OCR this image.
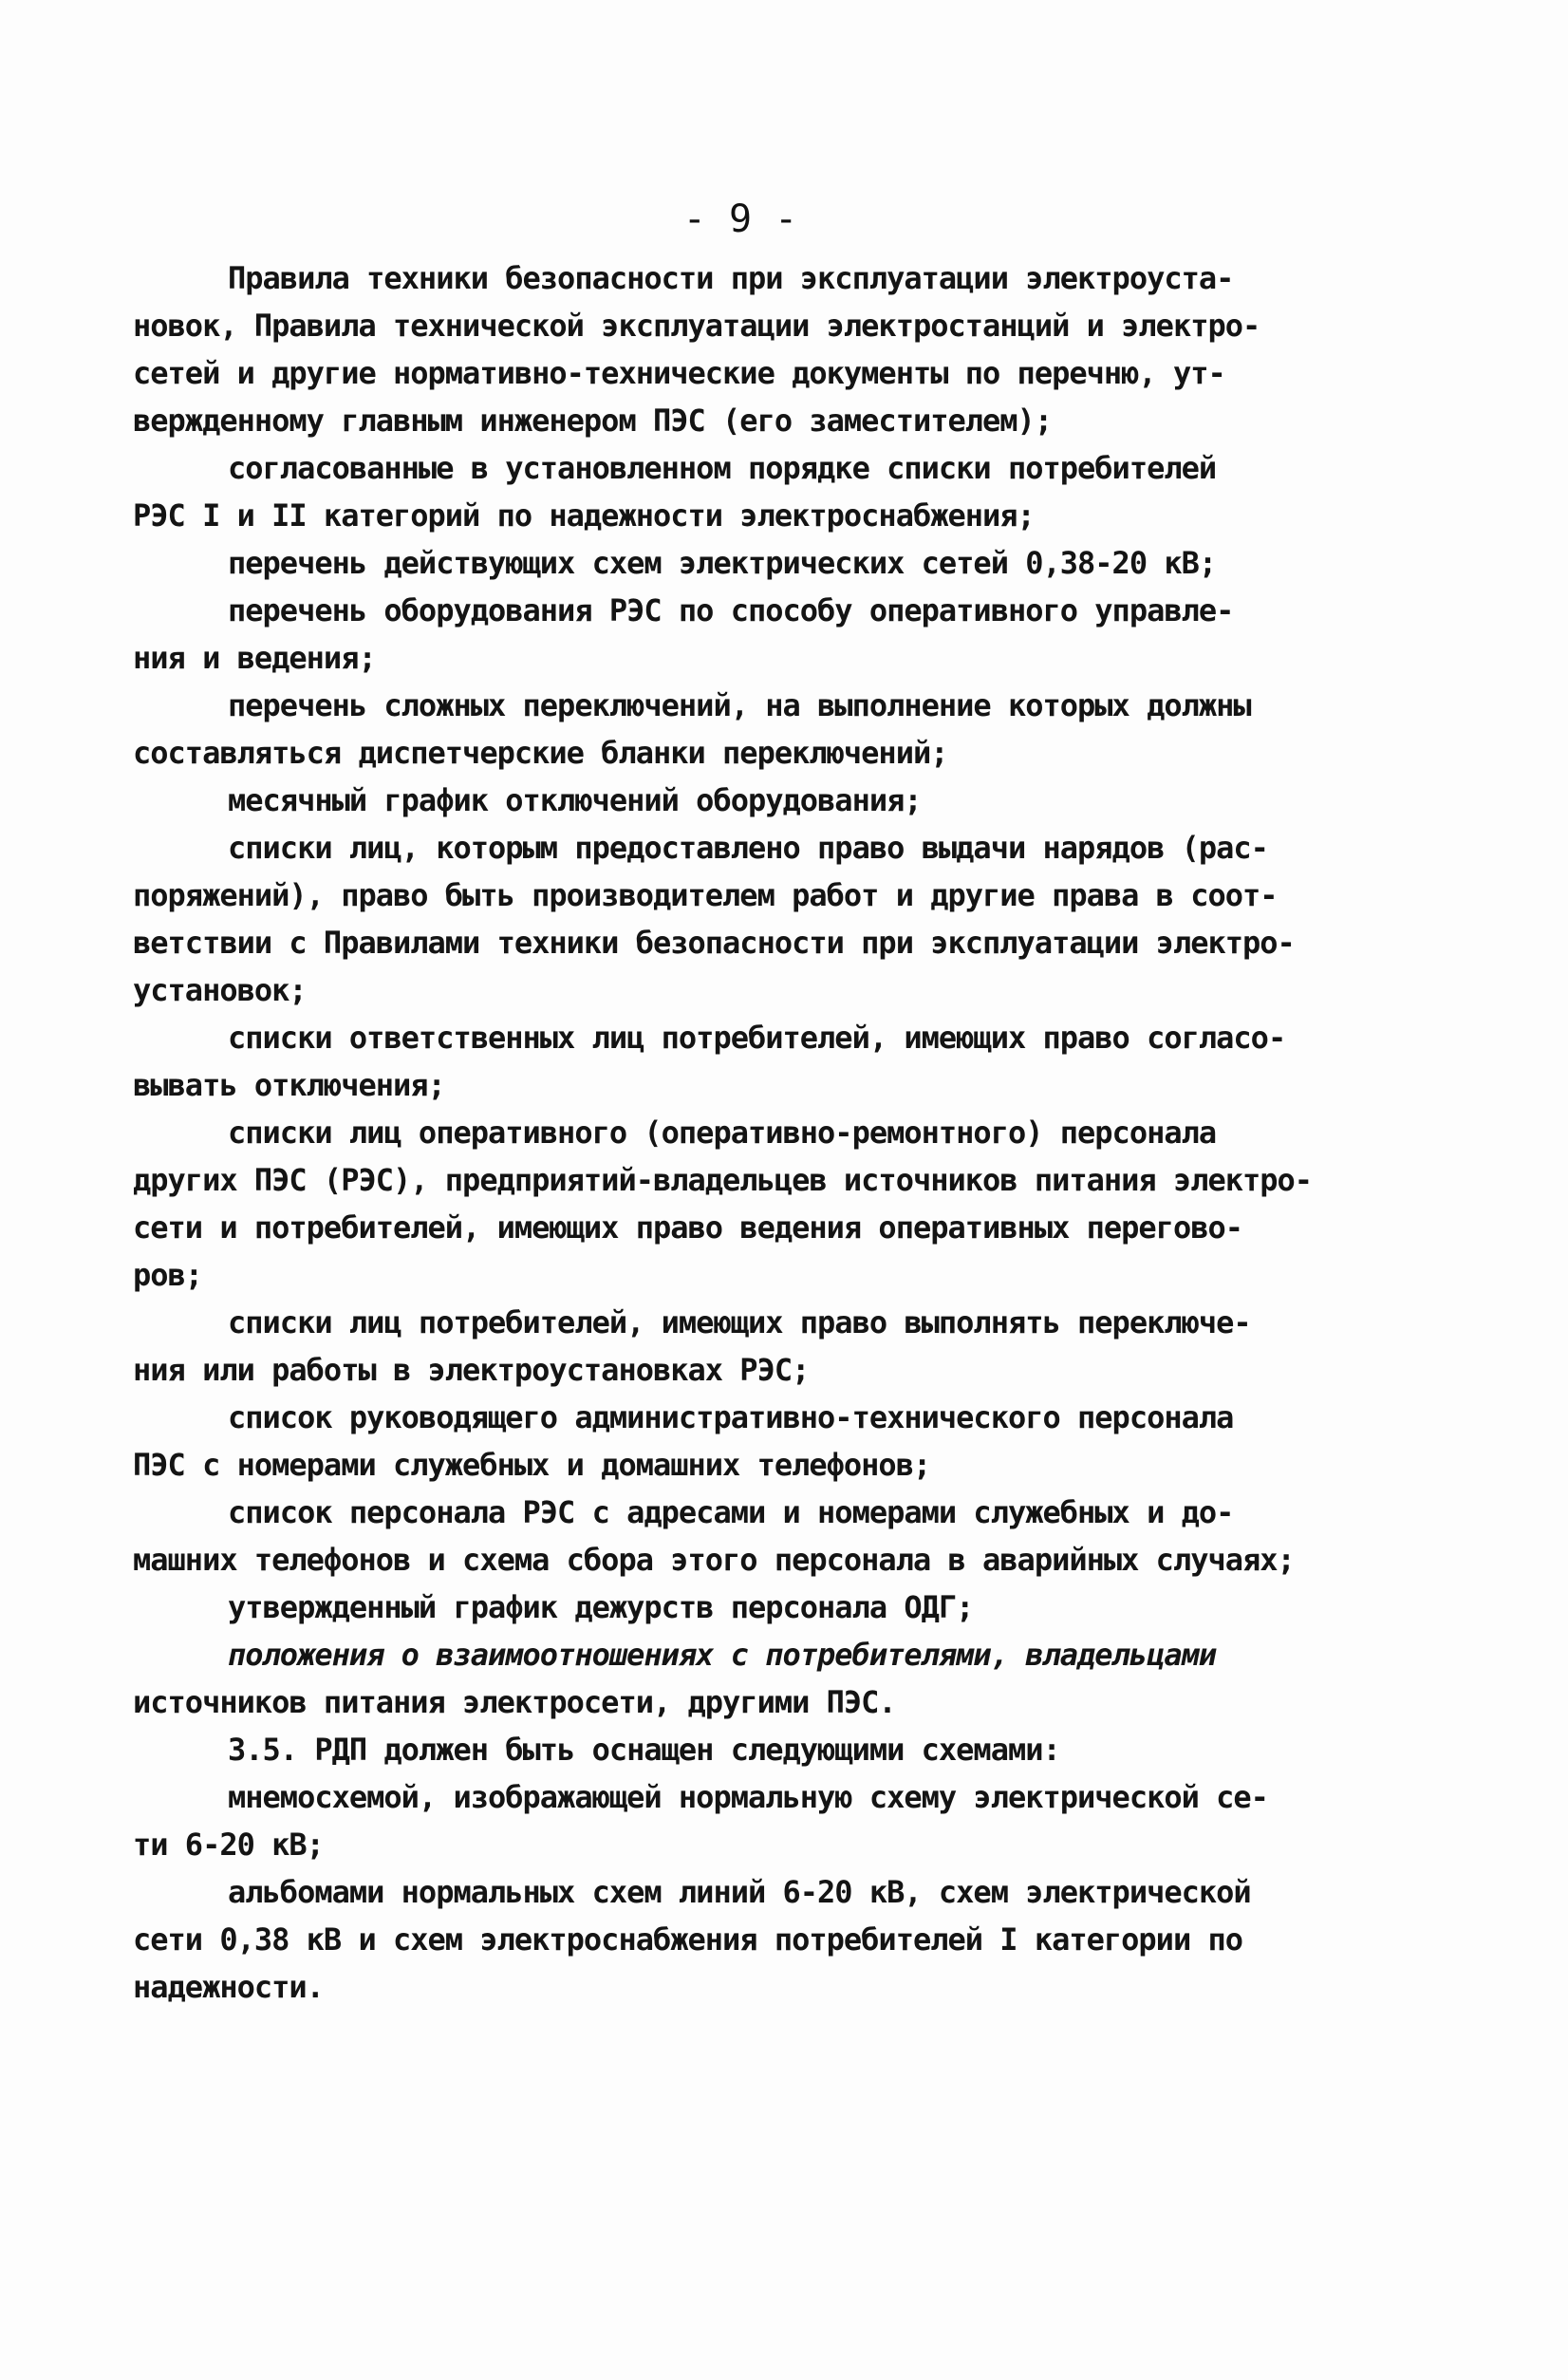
- 9 -
Правила техники безопасности при эксплуатации электроуста-
новок, Правила технической эксплуатации электростанций и электро-
сетей и другие нормативно-технические документы по перечню, ут-
вержденному главным инженером ПЭС (его заместителем);
согласованные в установленном порядке списки потребителей
РЭС I и II категорий по надежности электроснабжения;
перечень действующих схем электрических сетей 0,38-20 кВ;
перечень оборудования РЭС по способу оперативного управле-
ния и ведения;
перечень сложных переключений, на выполнение которых должны
составляться диспетчерские бланки переключений;
месячный график отключений оборудования;
списки лиц, которым предоставлено право выдачи нарядов (рас-
поряжений), право быть производителем работ и другие права в соот-
ветствии с Правилами техники безопасности при эксплуатации электро-
установок;
списки ответственных лиц потребителей, имеющих право согласо-
вывать отключения;
списки лиц оперативного (оперативно-ремонтного) персонала
других ПЭС (РЭС), предприятий-владельцев источников питания электро-
сети и потребителей, имеющих право ведения оперативных перегово-
ров;
списки лиц потребителей, имеющих право выполнять переключе-
ния или работы в электроустановках РЭС;
список руководящего административно-технического персонала
ПЭС с номерами служебных и домашних телефонов;
список персонала РЭС с адресами и номерами служебных и до-
машних телефонов и схема сбора этого персонала в аварийных случаях;
утвержденный график дежурств персонала ОДГ;
положения о взаимоотношениях с потребителями, владельцами
источников питания электросети, другими ПЭС.
3.5. РДП должен быть оснащен следующими схемами:
мнемосхемой, изображающей нормальную схему электрической се-
ти 6-20 кВ;
альбомами нормальных схем линий 6-20 кВ, схем электрической
сети 0,38 кВ и схем электроснабжения потребителей I категории по
надежности.
